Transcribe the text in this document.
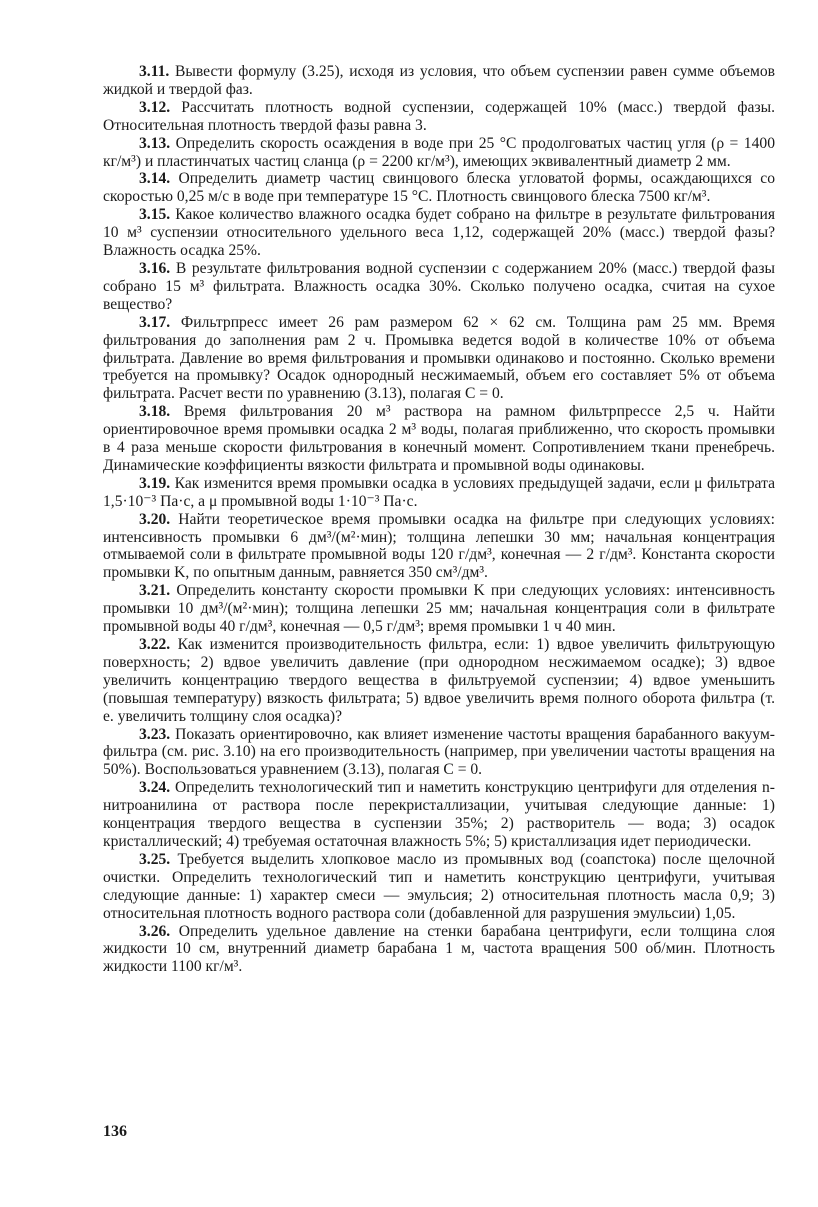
3.11. Вывести формулу (3.25), исходя из условия, что объем суспензии равен сумме объемов жидкой и твердой фаз.

3.12. Рассчитать плотность водной суспензии, содержащей 10% (масс.) твердой фазы. Относительная плотность твердой фазы равна 3.

3.13. Определить скорость осаждения в воде при 25 °С продолговатых частиц угля (ρ = 1400 кг/м³) и пластинчатых частиц сланца (ρ = 2200 кг/м³), имеющих эквивалентный диаметр 2 мм.

3.14. Определить диаметр частиц свинцового блеска угловатой формы, осаждающихся со скоростью 0,25 м/с в воде при температуре 15 °С. Плотность свинцового блеска 7500 кг/м³.

3.15. Какое количество влажного осадка будет собрано на фильтре в результате фильтрования 10 м³ суспензии относительного удельного веса 1,12, содержащей 20% (масс.) твердой фазы? Влажность осадка 25%.

3.16. В результате фильтрования водной суспензии с содержанием 20% (масс.) твердой фазы собрано 15 м³ фильтрата. Влажность осадка 30%. Сколько получено осадка, считая на сухое вещество?

3.17. Фильтрпресс имеет 26 рам размером 62 × 62 см. Толщина рам 25 мм. Время фильтрования до заполнения рам 2 ч. Промывка ведется водой в количестве 10% от объема фильтрата. Давление во время фильтрования и промывки одинаково и постоянно. Сколько времени требуется на промывку? Осадок однородный несжимаемый, объем его составляет 5% от объема фильтрата. Расчет вести по уравнению (3.13), полагая C = 0.

3.18. Время фильтрования 20 м³ раствора на рамном фильтрпрессе 2,5 ч. Найти ориентировочное время промывки осадка 2 м³ воды, полагая приближенно, что скорость промывки в 4 раза меньше скорости фильтрования в конечный момент. Сопротивлением ткани пренебречь. Динамические коэффициенты вязкости фильтрата и промывной воды одинаковы.

3.19. Как изменится время промывки осадка в условиях предыдущей задачи, если μ фильтрата 1,5·10⁻³ Па·с, а μ промывной воды 1·10⁻³ Па·с.

3.20. Найти теоретическое время промывки осадка на фильтре при следующих условиях: интенсивность промывки 6 дм³/(м²·мин); толщина лепешки 30 мм; начальная концентрация отмываемой соли в фильтрате промывной воды 120 г/дм³, конечная — 2 г/дм³. Константа скорости промывки K, по опытным данным, равняется 350 см³/дм³.

3.21. Определить константу скорости промывки K при следующих условиях: интенсивность промывки 10 дм³/(м²·мин); толщина лепешки 25 мм; начальная концентрация соли в фильтрате промывной воды 40 г/дм³, конечная — 0,5 г/дм³; время промывки 1 ч 40 мин.

3.22. Как изменится производительность фильтра, если: 1) вдвое увеличить фильтрующую поверхность; 2) вдвое увеличить давление (при однородном несжимаемом осадке); 3) вдвое увеличить концентрацию твердого вещества в фильтруемой суспензии; 4) вдвое уменьшить (повышая температуру) вязкость фильтрата; 5) вдвое увеличить время полного оборота фильтра (т. е. увеличить толщину слоя осадка)?

3.23. Показать ориентировочно, как влияет изменение частоты вращения барабанного вакуум-фильтра (см. рис. 3.10) на его производительность (например, при увеличении частоты вращения на 50%). Воспользоваться уравнением (3.13), полагая C = 0.

3.24. Определить технологический тип и наметить конструкцию центрифуги для отделения n-нитроанилина от раствора после перекристаллизации, учитывая следующие данные: 1) концентрация твердого вещества в суспензии 35%; 2) растворитель — вода; 3) осадок кристаллический; 4) требуемая остаточная влажность 5%; 5) кристаллизация идет периодически.

3.25. Требуется выделить хлопковое масло из промывных вод (соапстока) после щелочной очистки. Определить технологический тип и наметить конструкцию центрифуги, учитывая следующие данные: 1) характер смеси — эмульсия; 2) относительная плотность масла 0,9; 3) относительная плотность водного раствора соли (добавленной для разрушения эмульсии) 1,05.

3.26. Определить удельное давление на стенки барабана центрифуги, если толщина слоя жидкости 10 см, внутренний диаметр барабана 1 м, частота вращения 500 об/мин. Плотность жидкости 1100 кг/м³.

136
